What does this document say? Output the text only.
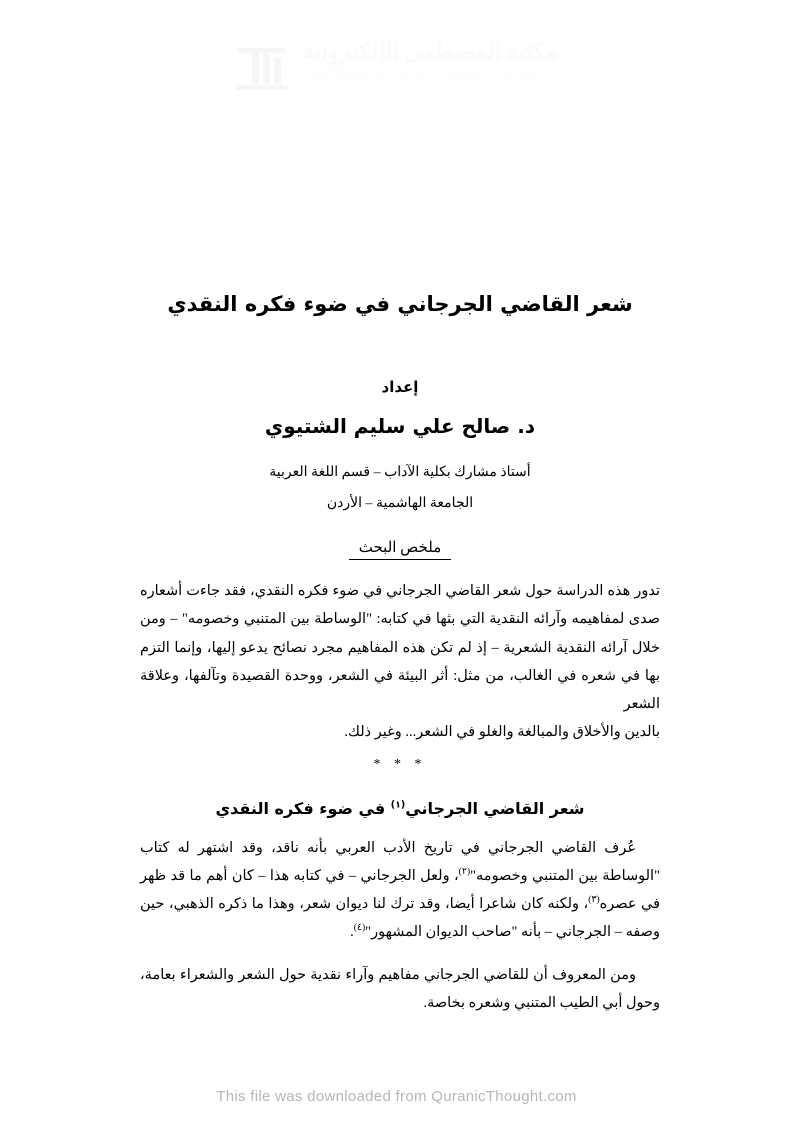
مكتبة المصطفى الإلكترونية
AL-MOSTAFA ELECTRONIC LIBRARY
for islamic and arabic books
شعر القاضي الجرجاني في ضوء فكره النقدي
إعداد
د. صالح علي سليم الشتيوي
أستاذ مشارك بكلية الآداب – قسم اللغة العربية
الجامعة الهاشمية – الأردن
ملخص البحث

تدور هذه الدراسة حول شعر القاضي الجرجاني في ضوء فكره النقدي، فقد جاءت أشعاره صدى لمفاهيمه وآرائه النقدية التي بثها في كتابه: "الوساطة بين المتنبي وخصومه" – ومن خلال آرائه النقدية الشعرية – إذ لم تكن هذه المفاهيم مجرد نصائح يدعو إليها، وإنما التزم بها في شعره في الغالب، من مثل: أثر البيئة في الشعر، ووحدة القصيدة وتآلفها، وعلاقة الشعر

بالدين والأخلاق والمبالغة والغلو في الشعر... وغير ذلك.
* * *
شعر القاضي الجرجاني$^{(١)}$ في ضوء فكره النقدي

عُرف القاضي الجرجاني في تاريخ الأدب العربي بأنه ناقد، وقد اشتهر له كتاب "الوساطة بين المتنبي وخصومه"$^{(٢)}$، ولعل الجرجاني – في كتابه هذا – كان أهم ما قد ظهر في عصره$^{(٣)}$، ولكنه كان شاعرا أيضا، وقد ترك لنا ديوان شعر، وهذا ما ذكره الذهبي، حين وصفه – الجرجاني – بأنه "صاحب الديوان المشهور"$^{(٤)}$.

ومن المعروف أن للقاضي الجرجاني مفاهيم وآراء نقدية حول الشعر والشعراء بعامة، وحول أبي الطيب المتنبي وشعره بخاصة.

This file was downloaded from QuranicThought.com
